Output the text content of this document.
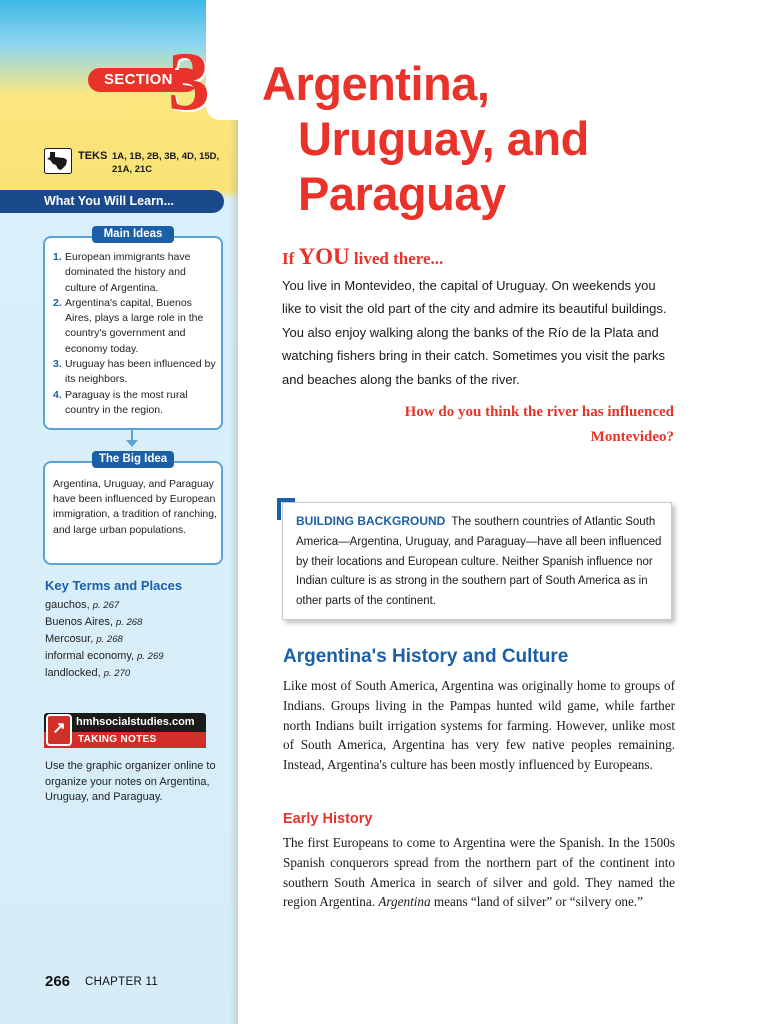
SECTION
3
TEKS 1A, 1B, 2B, 3B, 4D, 15D, 21A, 21C
What You Will Learn...
1. European immigrants have dominated the history and culture of Argentina.
2. Argentina's capital, Buenos Aires, plays a large role in the country's government and economy today.
3. Uruguay has been influenced by its neighbors.
4. Paraguay is the most rural country in the region.
Main Ideas
Argentina, Uruguay, and Paraguay have been influenced by European immigration, a tradition of ranching, and large urban populations.
The Big Idea
Key Terms and Places
gauchos, p. 267
Buenos Aires, p. 268
Mercosur, p. 268
informal economy, p. 269
landlocked, p. 270
hmhsocialstudies.com
TAKING NOTES
↗
Use the graphic organizer online to organize your notes on Argentina, Uruguay, and Paraguay.
266 CHAPTER 11
Argentina,
Uruguay, and
Paraguay
If YOU lived there...
You live in Montevideo, the capital of Uruguay. On weekends you like to visit the old part of the city and admire its beautiful buildings. You also enjoy walking along the banks of the Río de la Plata and watching fishers bring in their catch. Sometimes you visit the parks and beaches along the banks of the river.
How do you think the river has influenced Montevideo?
BUILDING BACKGROUND The southern countries of Atlantic South America—Argentina, Uruguay, and Paraguay—have all been influenced by their locations and European culture. Neither Spanish influence nor Indian culture is as strong in the southern part of South America as in other parts of the continent.
Argentina's History and Culture
Like most of South America, Argentina was originally home to groups of Indians. Groups living in the Pampas hunted wild game, while farther north Indians built irrigation systems for farming. However, unlike most of South America, Argentina has very few native peoples remaining. Instead, Argentina's culture has been mostly influenced by Europeans.
Early History
The first Europeans to come to Argentina were the Spanish. In the 1500s Spanish conquerors spread from the northern part of the continent into southern South America in search of silver and gold. They named the region Argentina. Argentina means “land of silver” or “silvery one.”
